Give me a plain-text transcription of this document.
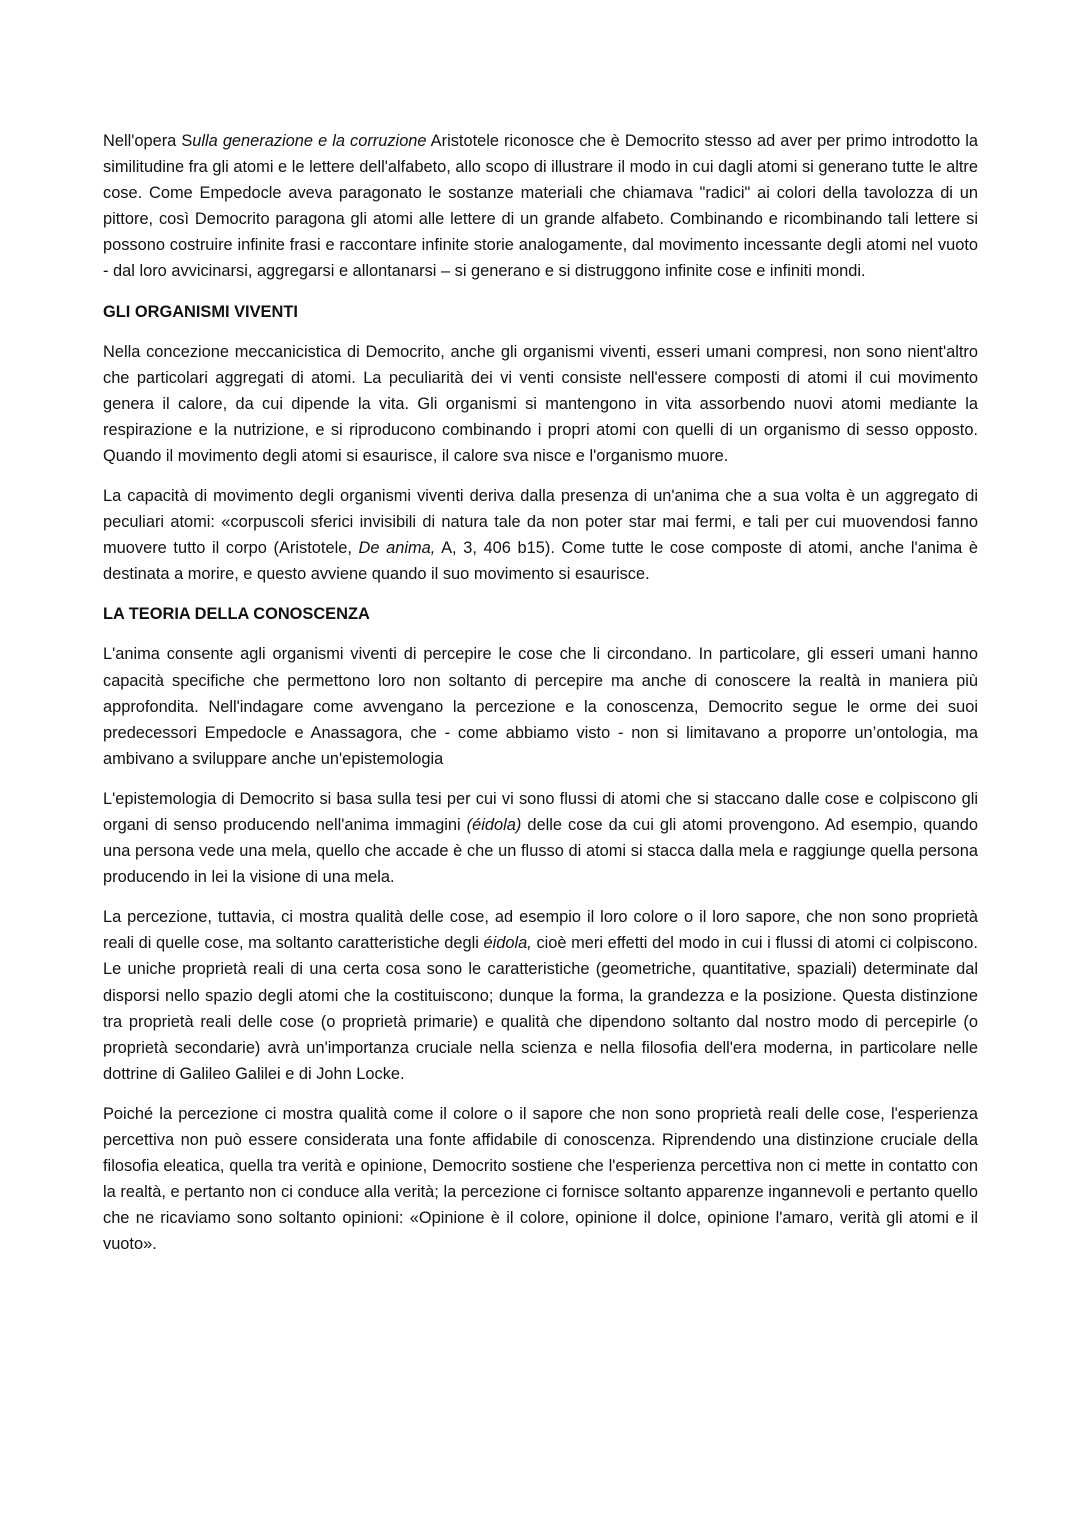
Nell'opera Sulla generazione e la corruzione Aristotele riconosce che è Democrito stesso ad aver per primo introdotto la similitudine fra gli atomi e le lettere dell'alfabeto, allo scopo di illustrare il modo in cui dagli atomi si generano tutte le altre cose. Come Empedocle aveva paragonato le sostanze materiali che chiamava "radici" ai colori della tavolozza di un pittore, così Democrito paragona gli atomi alle lettere di un grande alfabeto. Combinando e ricombinando tali lettere si possono costruire infinite frasi e raccontare infinite storie analogamente, dal movimento incessante degli atomi nel vuoto - dal loro avvicinarsi, aggregarsi e allontanarsi – si generano e si distruggono infinite cose e infiniti mondi.

GLI ORGANISMI VIVENTI

Nella concezione meccanicistica di Democrito, anche gli organismi viventi, esseri umani compresi, non sono nient'altro che particolari aggregati di atomi. La peculiarità dei vi venti consiste nell'essere composti di atomi il cui movimento genera il calore, da cui dipende la vita. Gli organismi si mantengono in vita assorbendo nuovi atomi mediante la respirazione e la nutrizione, e si riproducono combinando i propri atomi con quelli di un organismo di sesso opposto. Quando il movimento degli atomi si esaurisce, il calore sva nisce e l'organismo muore.

La capacità di movimento degli organismi viventi deriva dalla presenza di un'anima che a sua volta è un aggregato di peculiari atomi: «corpuscoli sferici invisibili di natura tale da non poter star mai fermi, e tali per cui muovendosi fanno muovere tutto il corpo (Aristotele, De anima, A, 3, 406 b15). Come tutte le cose composte di atomi, anche l'anima è destinata a morire, e questo avviene quando il suo movimento si esaurisce.

LA TEORIA DELLA CONOSCENZA

L'anima consente agli organismi viventi di percepire le cose che li circondano. In particolare, gli esseri umani hanno capacità specifiche che permettono loro non soltanto di percepire ma anche di conoscere la realtà in maniera più approfondita. Nell'indagare come avvengano la percezione e la conoscenza, Democrito segue le orme dei suoi predecessori Empedocle e Anassagora, che - come abbiamo visto - non si limitavano a proporre un’ontologia, ma ambivano a sviluppare anche un'epistemologia

L'epistemologia di Democrito si basa sulla tesi per cui vi sono flussi di atomi che si staccano dalle cose e colpiscono gli organi di senso producendo nell'anima immagini (éidola) delle cose da cui gli atomi provengono. Ad esempio, quando una persona vede una mela, quello che accade è che un flusso di atomi si stacca dalla mela e raggiunge quella persona producendo in lei la visione di una mela.

La percezione, tuttavia, ci mostra qualità delle cose, ad esempio il loro colore o il loro sapore, che non sono proprietà reali di quelle cose, ma soltanto caratteristiche degli éidola, cioè meri effetti del modo in cui i flussi di atomi ci colpiscono. Le uniche proprietà reali di una certa cosa sono le caratteristiche (geometriche, quantitative, spaziali) determinate dal disporsi nello spazio degli atomi che la costituiscono; dunque la forma, la grandezza e la posizione. Questa distinzione tra proprietà reali delle cose (o proprietà primarie) e qualità che dipendono soltanto dal nostro modo di percepirle (o proprietà secondarie) avrà un'importanza cruciale nella scienza e nella filosofia dell'era moderna, in particolare nelle dottrine di Galileo Galilei e di John Locke.

Poiché la percezione ci mostra qualità come il colore o il sapore che non sono proprietà reali delle cose, l'esperienza percettiva non può essere considerata una fonte affidabile di conoscenza. Riprendendo una distinzione cruciale della filosofia eleatica, quella tra verità e opinione, Democrito sostiene che l'esperienza percettiva non ci mette in contatto con la realtà, e pertanto non ci conduce alla verità; la percezione ci fornisce soltanto apparenze ingannevoli e pertanto quello che ne ricaviamo sono soltanto opinioni: «Opinione è il colore, opinione il dolce, opinione l'amaro, verità gli atomi e il vuoto».
